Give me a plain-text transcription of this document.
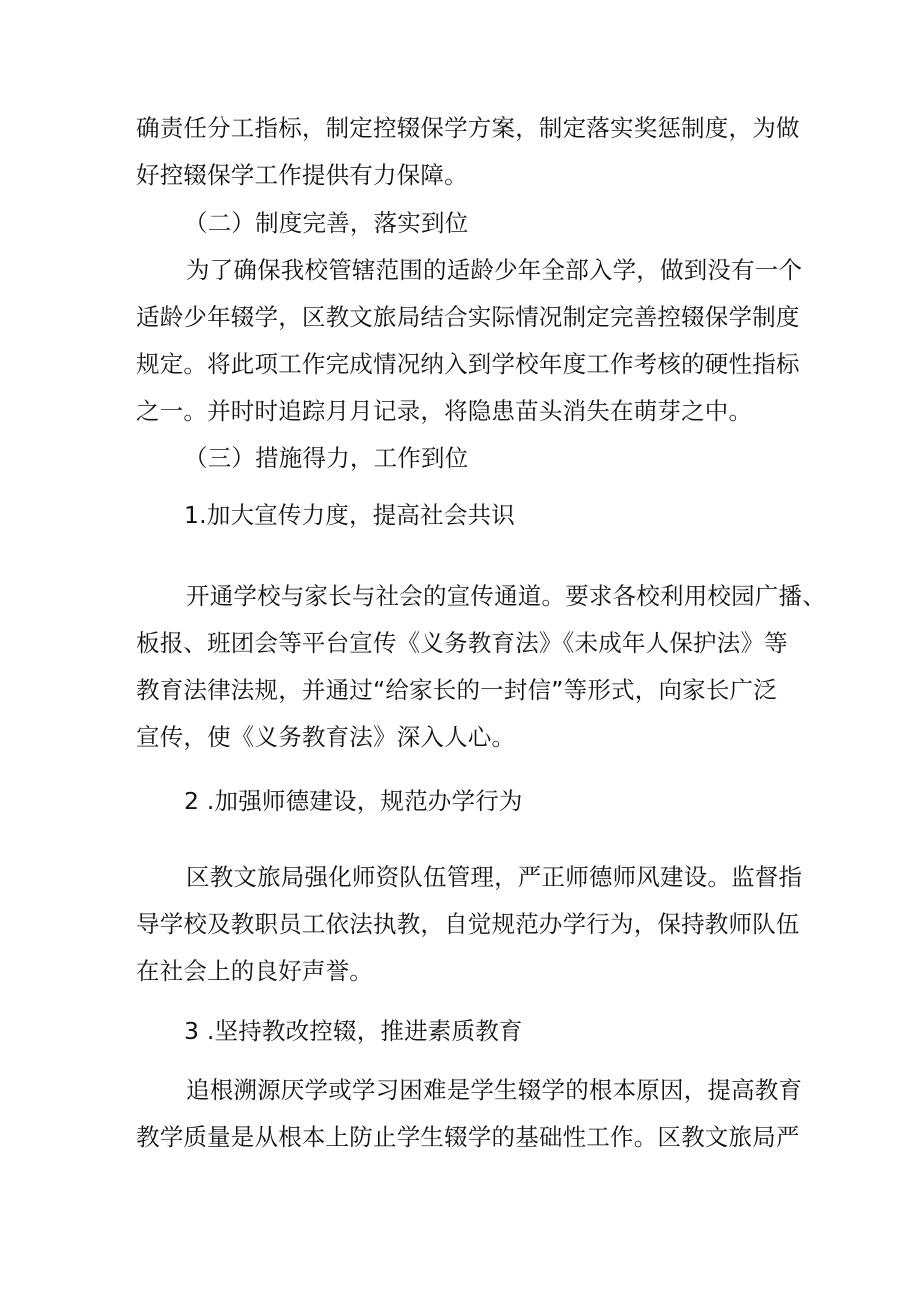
确责任分工指标，制定控辍保学方案，制定落实奖惩制度，为做

好控辍保学工作提供有力保障。

（二）制度完善，落实到位

为了确保我校管辖范围的适龄少年全部入学，做到没有一个

适龄少年辍学，区教文旅局结合实际情况制定完善控辍保学制度

规定。将此项工作完成情况纳入到学校年度工作考核的硬性指标

之一。并时时追踪月月记录，将隐患苗头消失在萌芽之中。

（三）措施得力，工作到位

1.加大宣传力度，提高社会共识

开通学校与家长与社会的宣传通道。要求各校利用校园广播、

板报、班团会等平台宣传《义务教育法》《未成年人保护法》等

教育法律法规，并通过“给家长的一封信”等形式，向家长广泛

宣传，使《义务教育法》深入人心。

2 .加强师德建设，规范办学行为

区教文旅局强化师资队伍管理，严正师德师风建设。监督指

导学校及教职员工依法执教，自觉规范办学行为，保持教师队伍

在社会上的良好声誉。

3 .坚持教改控辍，推进素质教育

追根溯源厌学或学习困难是学生辍学的根本原因，提高教育

教学质量是从根本上防止学生辍学的基础性工作。区教文旅局严
